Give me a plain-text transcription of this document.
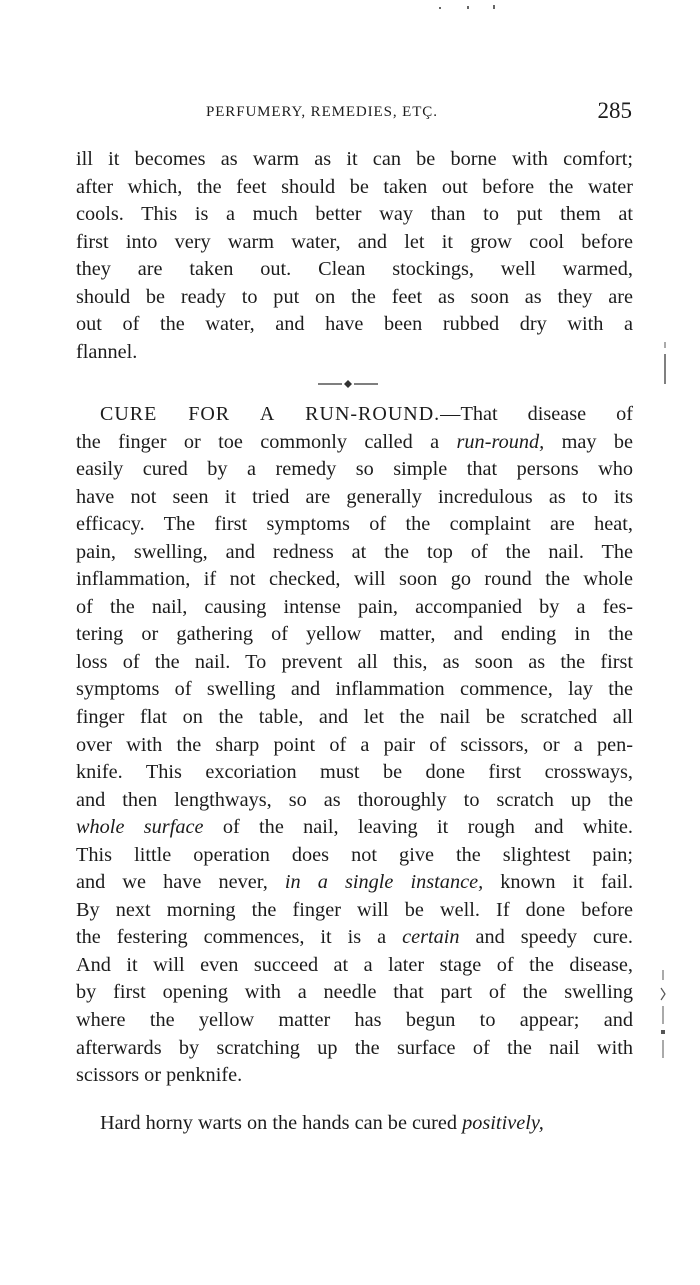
PERFUMERY, REMEDIES, ETÇ.	285
ill it becomes as warm as it can be borne with comfort;
after which, the feet should be taken out before the water
cools. This is a much better way than to put them at
first into very warm water, and let it grow cool before
they are taken out. Clean stockings, well warmed,
should be ready to put on the feet as soon as they are
out of the water, and have been rubbed dry with a
flannel.
CURE FOR A RUN-ROUND.—That disease of
the finger or toe commonly called a run-round, may be
easily cured by a remedy so simple that persons who
have not seen it tried are generally incredulous as to its
efficacy. The first symptoms of the complaint are heat,
pain, swelling, and redness at the top of the nail. The
inflammation, if not checked, will soon go round the whole
of the nail, causing intense pain, accompanied by a fes-
tering or gathering of yellow matter, and ending in the
loss of the nail. To prevent all this, as soon as the first
symptoms of swelling and inflammation commence, lay the
finger flat on the table, and let the nail be scratched all
over with the sharp point of a pair of scissors, or a pen-
knife. This excoriation must be done first crossways,
and then lengthways, so as thoroughly to scratch up the
whole surface of the nail, leaving it rough and white.
This little operation does not give the slightest pain;
and we have never, in a single instance, known it fail.
By next morning the finger will be well. If done before
the festering commences, it is a certain and speedy cure.
And it will even succeed at a later stage of the disease,
by first opening with a needle that part of the swelling
where the yellow matter has begun to appear; and
afterwards by scratching up the surface of the nail with
scissors or penknife.
Hard horny warts on the hands can be cured positively,
